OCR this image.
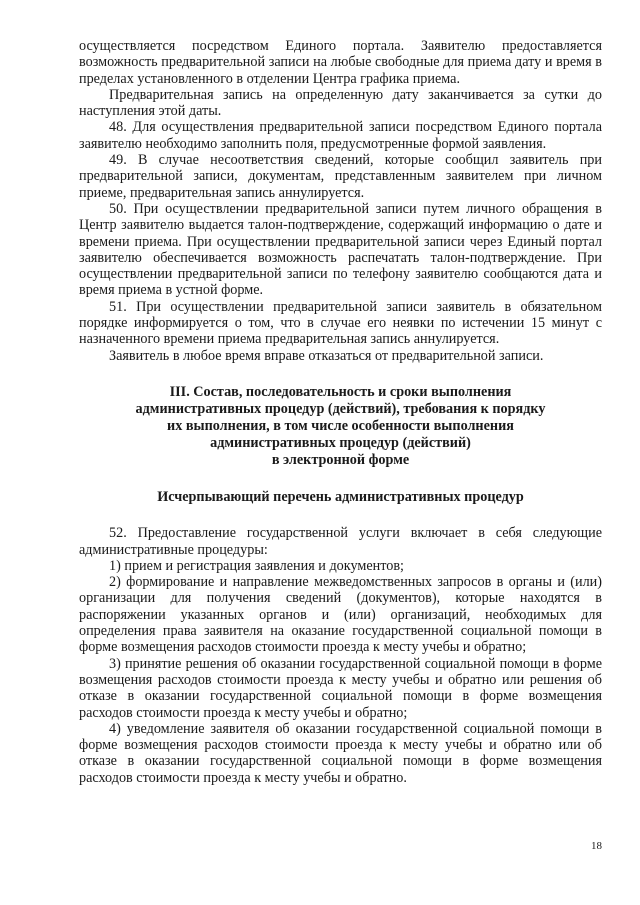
осуществляется посредством Единого портала. Заявителю предоставляется возможность предварительной записи на любые свободные для приема дату и время в пределах установленного в отделении Центра графика приема.

Предварительная запись на определенную дату заканчивается за сутки до наступления этой даты.

48. Для осуществления предварительной записи посредством Единого портала заявителю необходимо заполнить поля, предусмотренные формой заявления.

49. В случае несоответствия сведений, которые сообщил заявитель при предварительной записи, документам, представленным заявителем при личном приеме, предварительная запись аннулируется.

50. При осуществлении предварительной записи путем личного обращения в Центр заявителю выдается талон-подтверждение, содержащий информацию о дате и времени приема. При осуществлении предварительной записи через Единый портал заявителю обеспечивается возможность распечатать талон-подтверждение. При осуществлении предварительной записи по телефону заявителю сообщаются дата и время приема в устной форме.

51. При осуществлении предварительной записи заявитель в обязательном порядке информируется о том, что в случае его неявки по истечении 15 минут с назначенного времени приема предварительная запись аннулируется.

Заявитель в любое время вправе отказаться от предварительной записи.

III. Состав, последовательность и сроки выполнения

административных процедур (действий), требования к порядку

их выполнения, в том числе особенности выполнения

административных процедур (действий)

в электронной форме

Исчерпывающий перечень административных процедур

52. Предоставление государственной услуги включает в себя следующие административные процедуры:

1) прием и регистрация заявления и документов;

2) формирование и направление межведомственных запросов в органы и (или) организации для получения сведений (документов), которые находятся в распоряжении указанных органов и (или) организаций, необходимых для определения права заявителя на оказание государственной социальной помощи в форме возмещения расходов стоимости проезда к месту учебы и обратно;

3) принятие решения об оказании государственной социальной помощи в форме возмещения расходов стоимости проезда к месту учебы и обратно или решения об отказе в оказании государственной социальной помощи в форме возмещения расходов стоимости проезда к месту учебы и обратно;

4) уведомление заявителя об оказании государственной социальной помощи в форме возмещения расходов стоимости проезда к месту учебы и обратно или об отказе в оказании государственной социальной помощи в форме возмещения расходов стоимости проезда к месту учебы и обратно.

18
